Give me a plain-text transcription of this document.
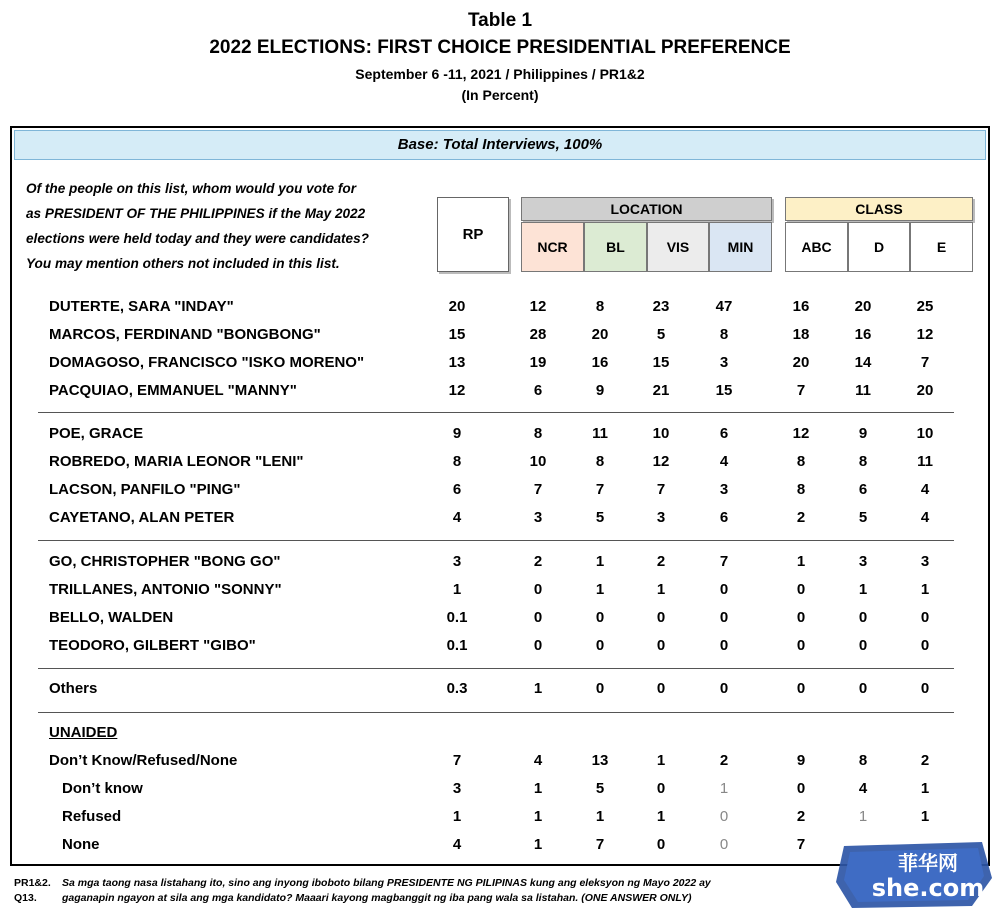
Table 1
2022 ELECTIONS: FIRST CHOICE PRESIDENTIAL PREFERENCE
September 6 -11, 2021 / Philippines / PR1&2
(In Percent)
Base: Total Interviews, 100%
Of the people on this list, whom would you vote for
as PRESIDENT OF THE PHILIPPINES if the May 2022
elections were held today and they were candidates?
You may mention others not included in this list.
RP
LOCATION
NCR	BL	VIS	MIN
CLASS
ABC	D	E
DUTERTE, SARA "INDAY"	20	12	8	23	47	16	20	25
MARCOS, FERDINAND "BONGBONG"	15	28	20	5	8	18	16	12
DOMAGOSO, FRANCISCO "ISKO MORENO"	13	19	16	15	3	20	14	7
PACQUIAO, EMMANUEL "MANNY"	12	6	9	21	15	7	11	20
POE, GRACE	9	8	11	10	6	12	9	10
ROBREDO, MARIA LEONOR "LENI"	8	10	8	12	4	8	8	11
LACSON, PANFILO "PING"	6	7	7	7	3	8	6	4
CAYETANO, ALAN PETER	4	3	5	3	6	2	5	4
GO, CHRISTOPHER "BONG GO"	3	2	1	2	7	1	3	3
TRILLANES, ANTONIO "SONNY"	1	0	1	1	0	0	1	1
BELLO, WALDEN	0.1	0	0	0	0	0	0	0
TEODORO, GILBERT "GIBO"	0.1	0	0	0	0	0	0	0
Others	0.3	1	0	0	0	0	0	0
UNAIDED
Don’t Know/Refused/None	7	4	13	1	2	9	8	2
Don’t know	3	1	5	0	1	0	4	1
Refused	1	1	1	1	0	2	1	1
None	4	1	7	0	0	7
PR1&2. Sa mga taong nasa listahang ito, sino ang inyong iboboto bilang PRESIDENTE NG PILIPINAS kung ang eleksyon ng Mayo 2022 ay
Q13. gaganapin ngayon at sila ang mga kandidato? Maaari kayong magbanggit ng iba pang wala sa listahan. (ONE ANSWER ONLY)
菲华网
she.com
